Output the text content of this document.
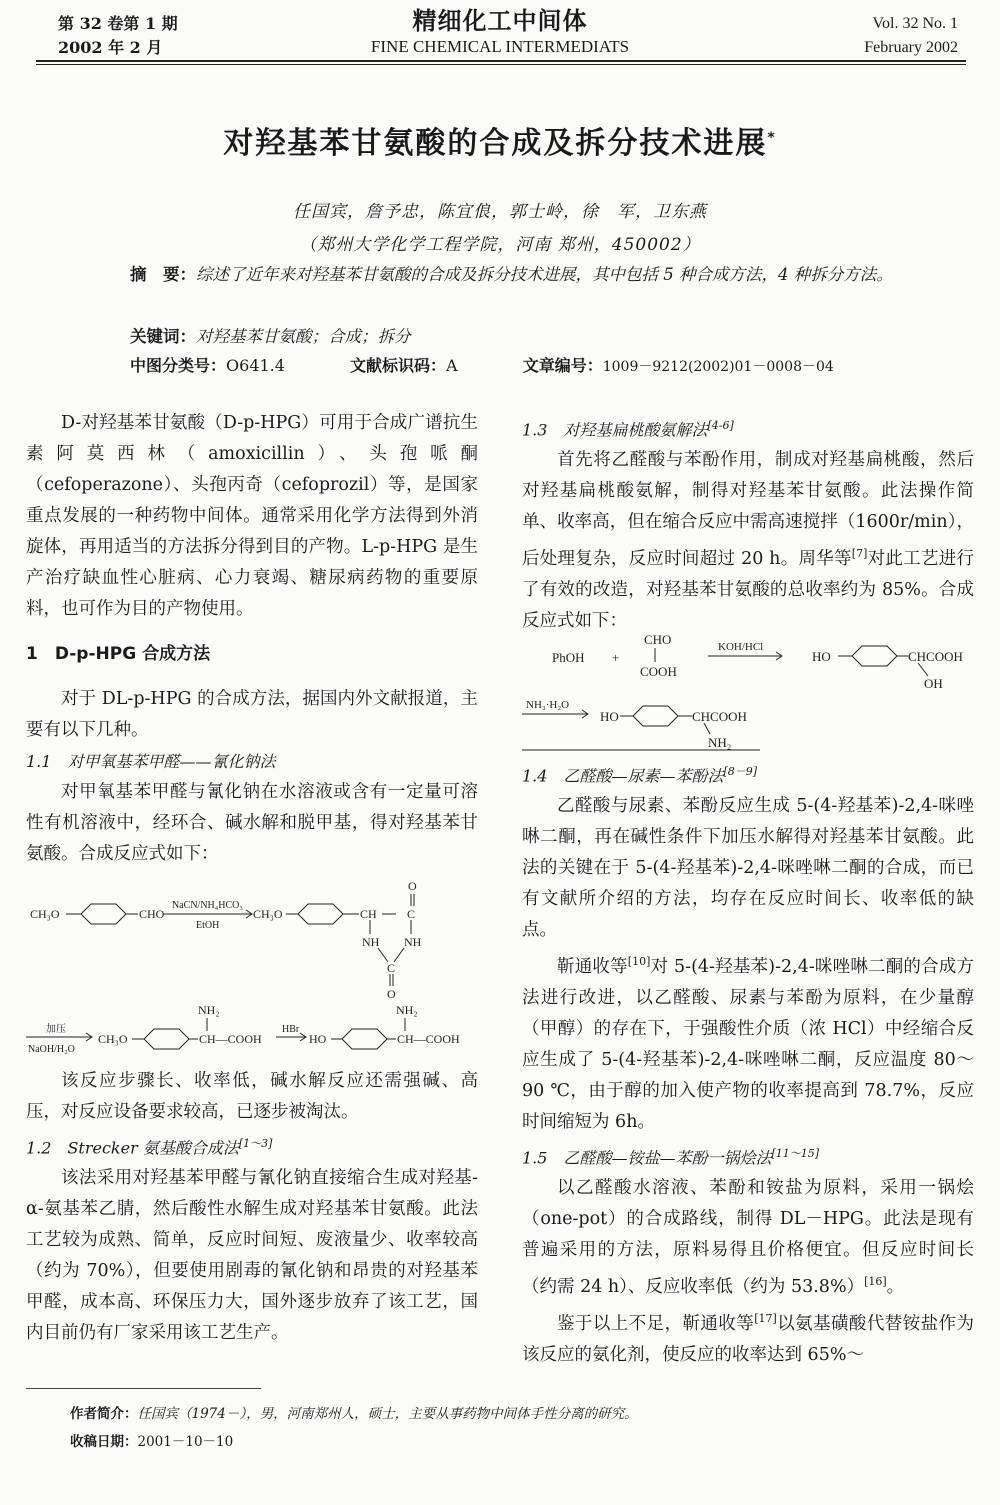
第 32 卷第 1 期
2002 年 2 月
精细化工中间体
FINE CHEMICAL INTERMEDIATS
Vol. 32 No. 1
February 2002
对羟基苯甘氨酸的合成及拆分技术进展*
任国宾，詹予忠，陈宜俍，郭士岭，徐　军，卫东燕
（郑州大学化学工程学院，河南 郑州，450002）
摘　要：综述了近年来对羟基苯甘氨酸的合成及拆分技术进展，其中包括 5 种合成方法，4 种拆分方法。
关键词：对羟基苯甘氨酸；合成；拆分
中图分类号：O641.4	文献标识码：A	文章编号：1009－9212(2002)01－0008－04

D-对羟基苯甘氨酸（D-p-HPG）可用于合成广谱抗生素阿莫西林（amoxicillin）、头孢哌酮（cefoperazone）、头孢丙奇（cefoprozil）等，是国家重点发展的一种药物中间体。通常采用化学方法得到外消旋体，再用适当的方法拆分得到目的产物。L-p-HPG 是生产治疗缺血性心脏病、心力衰竭、糖尿病药物的重要原料，也可作为目的产物使用。

1　D-p-HPG 合成方法

对于 DL-p-HPG 的合成方法，据国内外文献报道，主要有以下几种。

1.1　对甲氧基苯甲醛——氰化钠法

对甲氧基苯甲醛与氰化钠在水溶液或含有一定量可溶性有机溶液中，经环合、碱水解和脱甲基，得对羟基苯甘氨酸。合成反应式如下：

CH₃O	CHO
NaCN/NH₄HCO₃
EtOH
CH₃O	CH	C
O
NH NH
C
O
加压
NaOH/H₂O
CH₃O
NH₂
CH—COOH
HBr
HO
NH₂
CH—COOH

该反应步骤长、收率低，碱水解反应还需强碱、高压，对反应设备要求较高，已逐步被淘汰。

1.2　Strecker 氨基酸合成法[1～3]

该法采用对羟基苯甲醛与氰化钠直接缩合生成对羟基-α-氨基苯乙腈，然后酸性水解生成对羟基苯甘氨酸。此法工艺较为成熟、简单，反应时间短、废液量少、收率较高（约为 70%），但要使用剧毒的氰化钠和昂贵的对羟基苯甲醛，成本高、环保压力大，国外逐步放弃了该工艺，国内目前仍有厂家采用该工艺生产。

1.3　对羟基扁桃酸氨解法[4-6]

首先将乙醛酸与苯酚作用，制成对羟基扁桃酸，然后对羟基扁桃酸氨解，制得对羟基苯甘氨酸。此法操作简单、收率高，但在缩合反应中需高速搅拌（1600r/min），后处理复杂，反应时间超过 20 h。周华等[7]对此工艺进行了有效的改造，对羟基苯甘氨酸的总收率约为 85%。合成反应式如下：

PhOH +
CHO
COOH
KOH/HCl
HO	CHCOOH
OH
NH₃·H₂O
HO	CHCOOH
NH₂
1.4　乙醛酸—尿素—苯酚法[8－9]

乙醛酸与尿素、苯酚反应生成 5-(4-羟基苯)-2,4-咪唑啉二酮，再在碱性条件下加压水解得对羟基苯甘氨酸。此法的关键在于 5-(4-羟基苯)-2,4-咪唑啉二酮的合成，而已有文献所介绍的方法，均存在反应时间长、收率低的缺点。

靳通收等[10]对 5-(4-羟基苯)-2,4-咪唑啉二酮的合成方法进行改进，以乙醛酸、尿素与苯酚为原料，在少量醇（甲醇）的存在下，于强酸性介质（浓 HCl）中经缩合反应生成了 5-(4-羟基苯)-2,4-咪唑啉二酮，反应温度 80～90 ℃，由于醇的加入使产物的收率提高到 78.7%，反应时间缩短为 6h。

1.5　乙醛酸—铵盐—苯酚一锅烩法[11～15]

以乙醛酸水溶液、苯酚和铵盐为原料，采用一锅烩（one-pot）的合成路线，制得 DL－HPG。此法是现有普遍采用的方法，原料易得且价格便宜。但反应时间长（约需 24 h）、反应收率低（约为 53.8%）[16]。

鉴于以上不足，靳通收等[17]以氨基磺酸代替铵盐作为该反应的氨化剂，使反应的收率达到 65%～

作者简介：任国宾（1974－），男，河南郑州人，硕士，主要从事药物中间体手性分离的研究。
收稿日期：2001－10－10
